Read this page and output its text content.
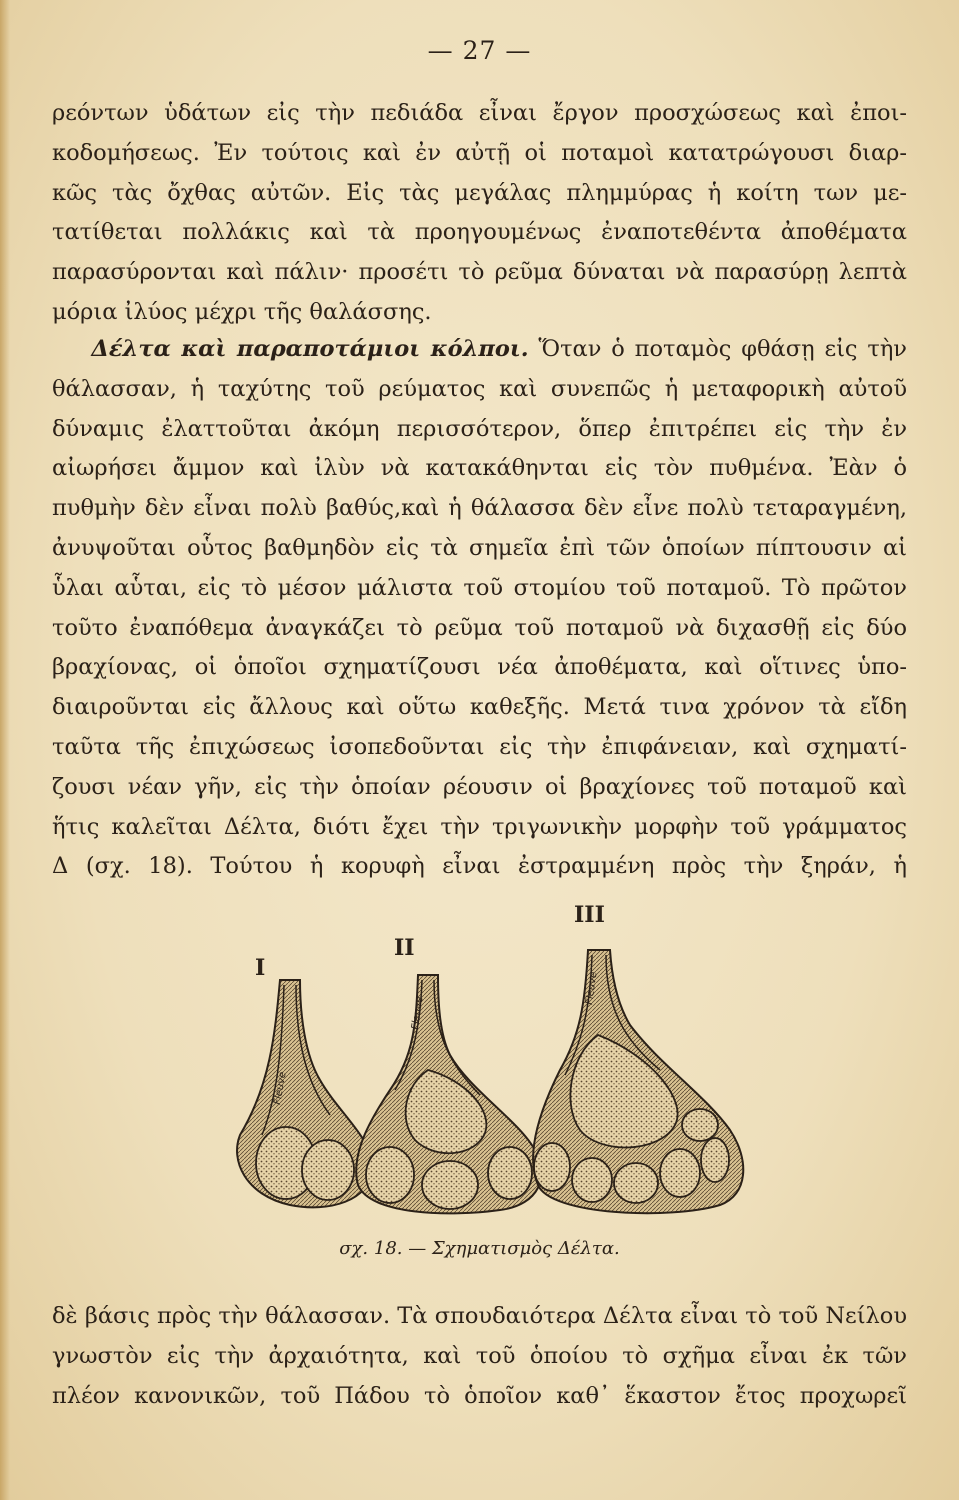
— 27 —
ρεόντων ὑδάτων εἰς τὴν πεδιάδα εἶναι ἔργον προσχώσεως καὶ ἐποι-
κοδομήσεως. Ἐν τούτοις καὶ ἐν αὐτῇ οἱ ποταμοὶ κατατρώγουσι διαρ-
κῶς τὰς ὄχθας αὐτῶν. Εἰς τὰς μεγάλας πλημμύρας ἡ κοίτη των με-
τατίθεται πολλάκις καὶ τὰ προηγουμένως ἐναποτεθέντα ἀποθέματα
παρασύρονται καὶ πάλιν· προσέτι τὸ ρεῦμα δύναται νὰ παρασύρῃ λεπτὰ
μόρια ἰλύος μέχρι τῆς θαλάσσης.
Δέλτα καὶ παραποτάμιοι κόλποι. Ὅταν ὁ ποταμὸς φθάσῃ εἰς τὴν
θάλασσαν, ἡ ταχύτης τοῦ ρεύματος καὶ συνεπῶς ἡ μεταφορικὴ αὐτοῦ
δύναμις ἐλαττοῦται ἀκόμη περισσότερον, ὅπερ ἐπιτρέπει εἰς τὴν ἐν
αἰωρήσει ἄμμον καὶ ἰλὺν νὰ κατακάθηνται εἰς τὸν πυθμένα. Ἐὰν ὁ
πυθμὴν δὲν εἶναι πολὺ βαθύς,καὶ ἡ θάλασσα δὲν εἶνε πολὺ τεταραγμένη,
ἀνυψοῦται οὗτος βαθμηδὸν εἰς τὰ σημεῖα ἐπὶ τῶν ὁποίων πίπτουσιν αἱ
ὗλαι αὗται, εἰς τὸ μέσον μάλιστα τοῦ στομίου τοῦ ποταμοῦ. Τὸ πρῶτον
τοῦτο ἐναπόθεμα ἀναγκάζει τὸ ρεῦμα τοῦ ποταμοῦ νὰ διχασθῇ εἰς δύο
βραχίονας, οἱ ὁποῖοι σχηματίζουσι νέα ἀποθέματα, καὶ οἵτινες ὑπο-
διαιροῦνται εἰς ἄλλους καὶ οὕτω καθεξῆς. Μετά τινα χρόνον τὰ εἴδη
ταῦτα τῆς ἐπιχώσεως ἰσοπεδοῦνται εἰς τὴν ἐπιφάνειαν, καὶ σχηματί-
ζουσι νέαν γῆν, εἰς τὴν ὁποίαν ρέουσιν οἱ βραχίονες τοῦ ποταμοῦ καὶ
ἥτις καλεῖται Δέλτα, διότι ἔχει τὴν τριγωνικὴν μορφὴν τοῦ γράμματος
Δ (σχ. 18). Τούτου ἡ κορυφὴ εἶναι ἐστραμμένη πρὸς τὴν ξηράν, ἡ
I
II
III
Fleuve
Fleuve
Fleuve
σχ. 18. — Σχηματισμὸς Δέλτα.
δὲ βάσις πρὸς τὴν θάλασσαν. Τὰ σπουδαιότερα Δέλτα εἶναι τὸ τοῦ Νείλου
γνωστὸν εἰς τὴν ἀρχαιότητα, καὶ τοῦ ὁποίου τὸ σχῆμα εἶναι ἐκ τῶν
πλέον κανονικῶν, τοῦ Πάδου τὸ ὁποῖον καθ᾽ ἕκαστον ἔτος προχωρεῖ
